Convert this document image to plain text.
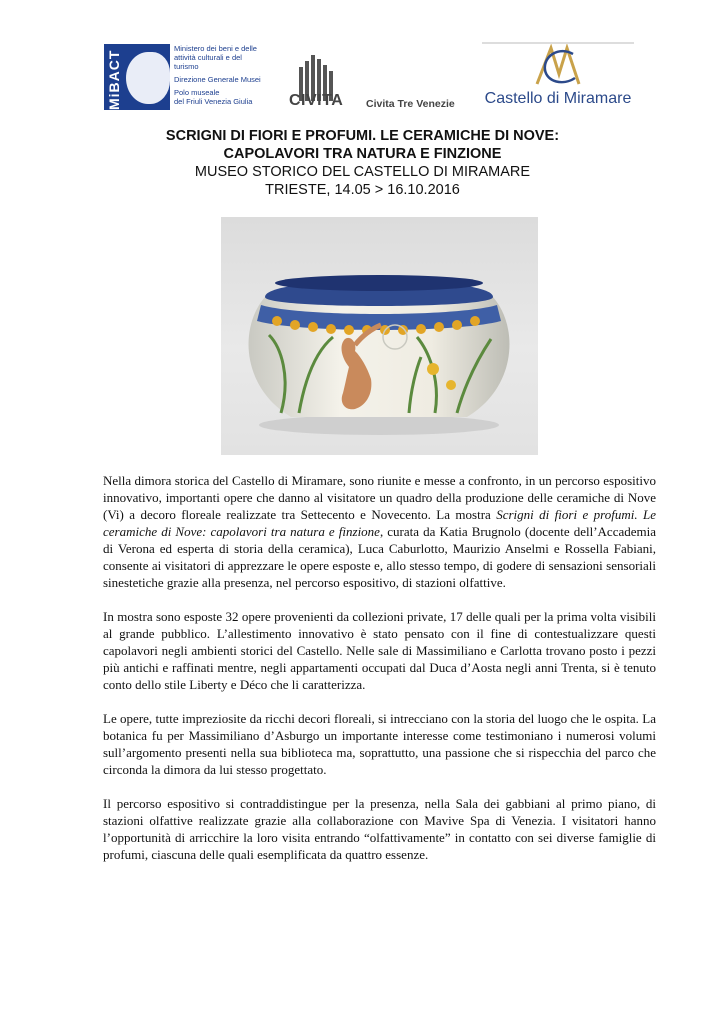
MiBACT
Ministero dei beni e delle
attività culturali e del
turismo
Direzione Generale Musei
Polo museale
del Friuli Venezia Giulia	CIVITA Civita Tre Venezie Castello di Miramare
SCRIGNI DI FIORI E PROFUMI. LE CERAMICHE DI NOVE:
CAPOLAVORI TRA NATURA E FINZIONE
MUSEO STORICO DEL CASTELLO DI MIRAMARE
TRIESTE, 14.05 > 16.10.2016

Nella dimora storica del Castello di Miramare, sono riunite e messe a confronto, in un percorso espositivo innovativo, importanti opere che danno al visitatore un quadro della produzione delle ceramiche di Nove (Vi) a decoro floreale realizzate tra Settecento e Novecento. La mostra Scrigni di fiori e profumi. Le ceramiche di Nove: capolavori tra natura e finzione, curata da Katia Brugnolo (docente dell’Accademia di Verona ed esperta di storia della ceramica), Luca Caburlotto, Maurizio Anselmi e Rossella Fabiani, consente ai visitatori di apprezzare le opere esposte e, allo stesso tempo, di godere di sensazioni sensoriali sinestetiche grazie alla presenza, nel percorso espositivo, di stazioni olfattive.

In mostra sono esposte 32 opere provenienti da collezioni private, 17 delle quali per la prima volta visibili al grande pubblico. L’allestimento innovativo è stato pensato con il fine di contestualizzare questi capolavori negli ambienti storici del Castello. Nelle sale di Massimiliano e Carlotta trovano posto i pezzi più antichi e raffinati mentre, negli appartamenti occupati dal Duca d’Aosta negli anni Trenta, si è tenuto conto dello stile Liberty e Déco che li caratterizza.

Le opere, tutte impreziosite da ricchi decori floreali, si intrecciano con la storia del luogo che le ospita. La botanica fu per Massimiliano d’Asburgo un importante interesse come testimoniano i numerosi volumi sull’argomento presenti nella sua biblioteca ma, soprattutto, una passione che si rispecchia del parco che circonda la dimora da lui stesso progettato.

Il percorso espositivo si contraddistingue per la presenza, nella Sala dei gabbiani al primo piano, di stazioni olfattive realizzate grazie alla collaborazione con Mavive Spa di Venezia. I visitatori hanno l’opportunità di arricchire la loro visita entrando “olfattivamente” in contatto con sei diverse famiglie di profumi, ciascuna delle quali esemplificata da quattro essenze.
